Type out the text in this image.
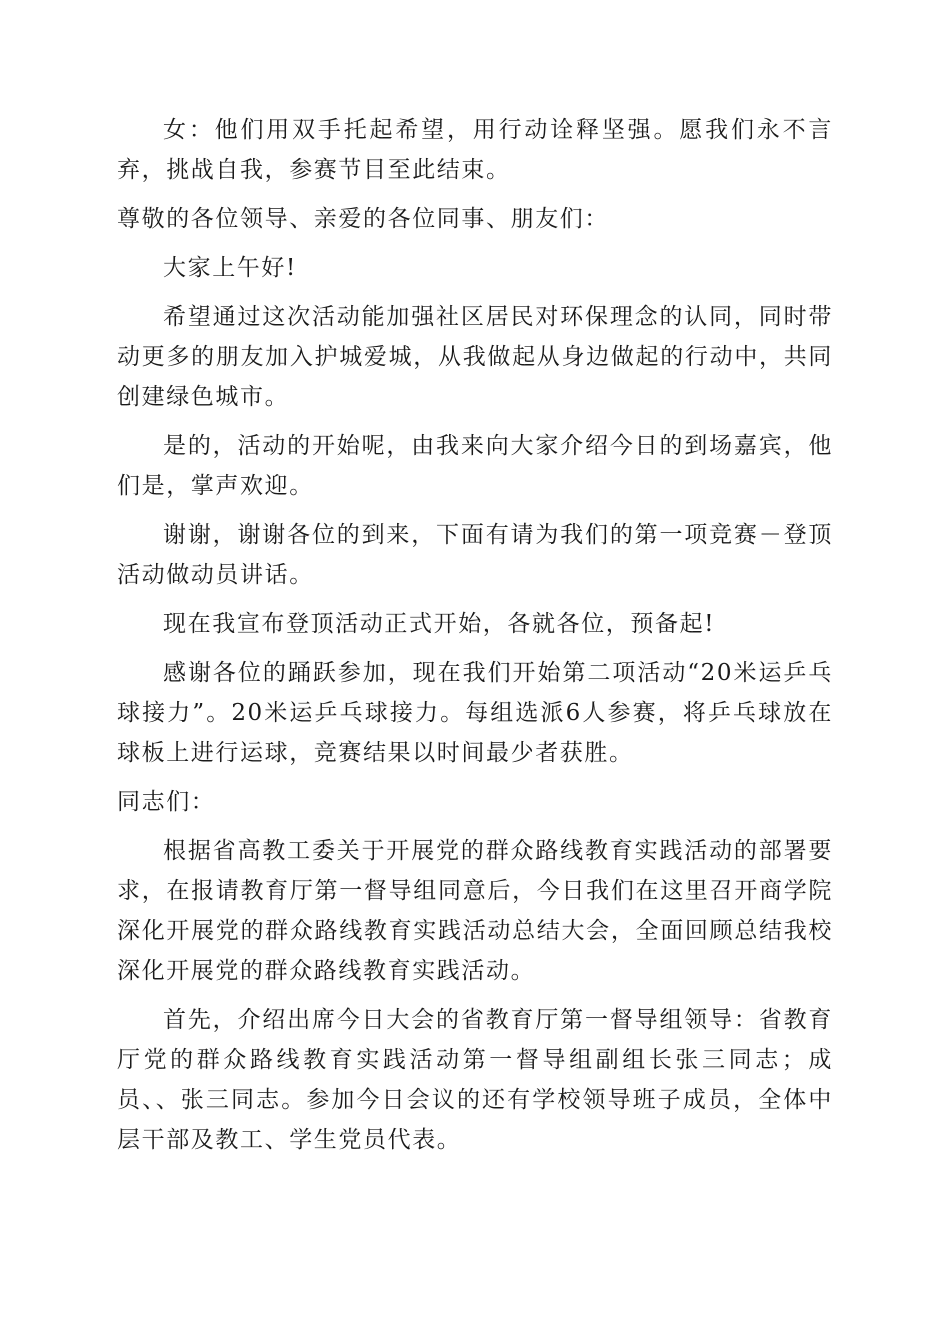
女：他们用双手托起希望，用行动诠释坚强。愿我们永不言弃，挑战自我，参赛节目至此结束。

尊敬的各位领导、亲爱的各位同事、朋友们：

大家上午好!

希望通过这次活动能加强社区居民对环保理念的认同，同时带动更多的朋友加入护城爱城，从我做起从身边做起的行动中，共同创建绿色城市。

是的，活动的开始呢，由我来向大家介绍今日的到场嘉宾，他们是，掌声欢迎。

谢谢，谢谢各位的到来，下面有请为我们的第一项竞赛－登顶活动做动员讲话。

现在我宣布登顶活动正式开始，各就各位，预备起!

感谢各位的踊跃参加，现在我们开始第二项活动“20米运乒乓球接力”。20米运乒乓球接力。每组选派6人参赛，将乒乓球放在球板上进行运球，竞赛结果以时间最少者获胜。

同志们：

根据省高教工委关于开展党的群众路线教育实践活动的部署要求，在报请教育厅第一督导组同意后，今日我们在这里召开商学院深化开展党的群众路线教育实践活动总结大会，全面回顾总结我校深化开展党的群众路线教育实践活动。

首先，介绍出席今日大会的省教育厅第一督导组领导：省教育厅党的群众路线教育实践活动第一督导组副组长张三同志；成员、、张三同志。参加今日会议的还有学校领导班子成员，全体中层干部及教工、学生党员代表。
